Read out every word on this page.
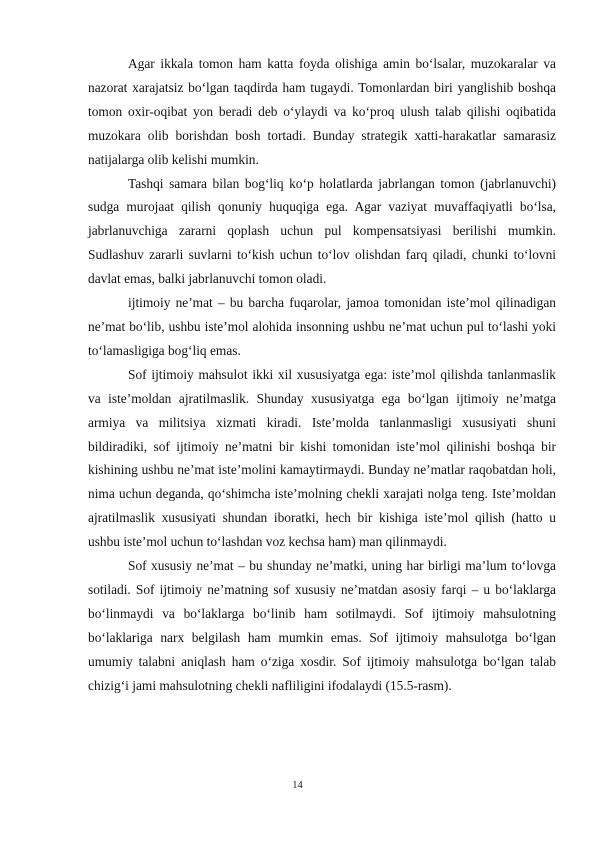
Agar ikkala tomon ham katta foyda olishiga amin bo‘lsalar, muzokaralar va nazorat xarajatsiz bo‘lgan taqdirda ham tugaydi. Tomonlardan biri yanglishib boshqa tomon oxir-oqibat yon beradi deb o‘ylaydi va ko‘proq ulush talab qilishi oqibatida muzokara olib borishdan bosh tortadi. Bunday strategik xatti-harakatlar samarasiz natijalarga olib kelishi mumkin.

Tashqi samara bilan bog‘liq ko‘p holatlarda jabrlangan tomon (jabrlanuvchi) sudga murojaat qilish qonuniy huquqiga ega. Agar vaziyat muvaffaqiyatli bo‘lsa, jabrlanuvchiga zararni qoplash uchun pul kompensatsiyasi berilishi mumkin. Sudlashuv zararli suvlarni to‘kish uchun to‘lov olishdan farq qiladi, chunki to‘lovni davlat emas, balki jabrlanuvchi tomon oladi.

ijtimoiy ne’mat – bu barcha fuqarolar, jamoa tomonidan iste’mol qilinadigan ne’mat bo‘lib, ushbu iste’mol alohida insonning ushbu ne’mat uchun pul to‘lashi yoki to‘lamasligiga bog‘liq emas.

Sof ijtimoiy mahsulot ikki xil xususiyatga ega: iste’mol qilishda tanlanmaslik va iste’moldan ajratilmaslik. Shunday xususiyatga ega bo‘lgan ijtimoiy ne’matga armiya va militsiya xizmati kiradi. Iste’molda tanlanmasligi xususiyati shuni bildiradiki, sof ijtimoiy ne’matni bir kishi tomonidan iste’mol qilinishi boshqa bir kishining ushbu ne’mat iste’molini kamaytirmaydi. Bunday ne’matlar raqobatdan holi, nima uchun deganda, qo‘shimcha iste’molning chekli xarajati nolga teng. Iste’moldan ajratilmaslik xususiyati shundan iboratki, hech bir kishiga iste’mol qilish (hatto u ushbu iste’mol uchun to‘lashdan voz kechsa ham) man qilinmaydi.

Sof xususiy ne’mat – bu shunday ne’matki, uning har birligi ma’lum to‘lovga sotiladi. Sof ijtimoiy ne’matning sof xususiy ne’matdan asosiy farqi – u bo‘laklarga bo‘linmaydi va bo‘laklarga bo‘linib ham sotilmaydi. Sof ijtimoiy mahsulotning bo‘laklariga narx belgilash ham mumkin emas. Sof ijtimoiy mahsulotga bo‘lgan umumiy talabni aniqlash ham o‘ziga xosdir. Sof ijtimoiy mahsulotga bo‘lgan talab chizig‘i jami mahsulotning chekli nafliligini ifodalaydi (15.5-rasm).

14
